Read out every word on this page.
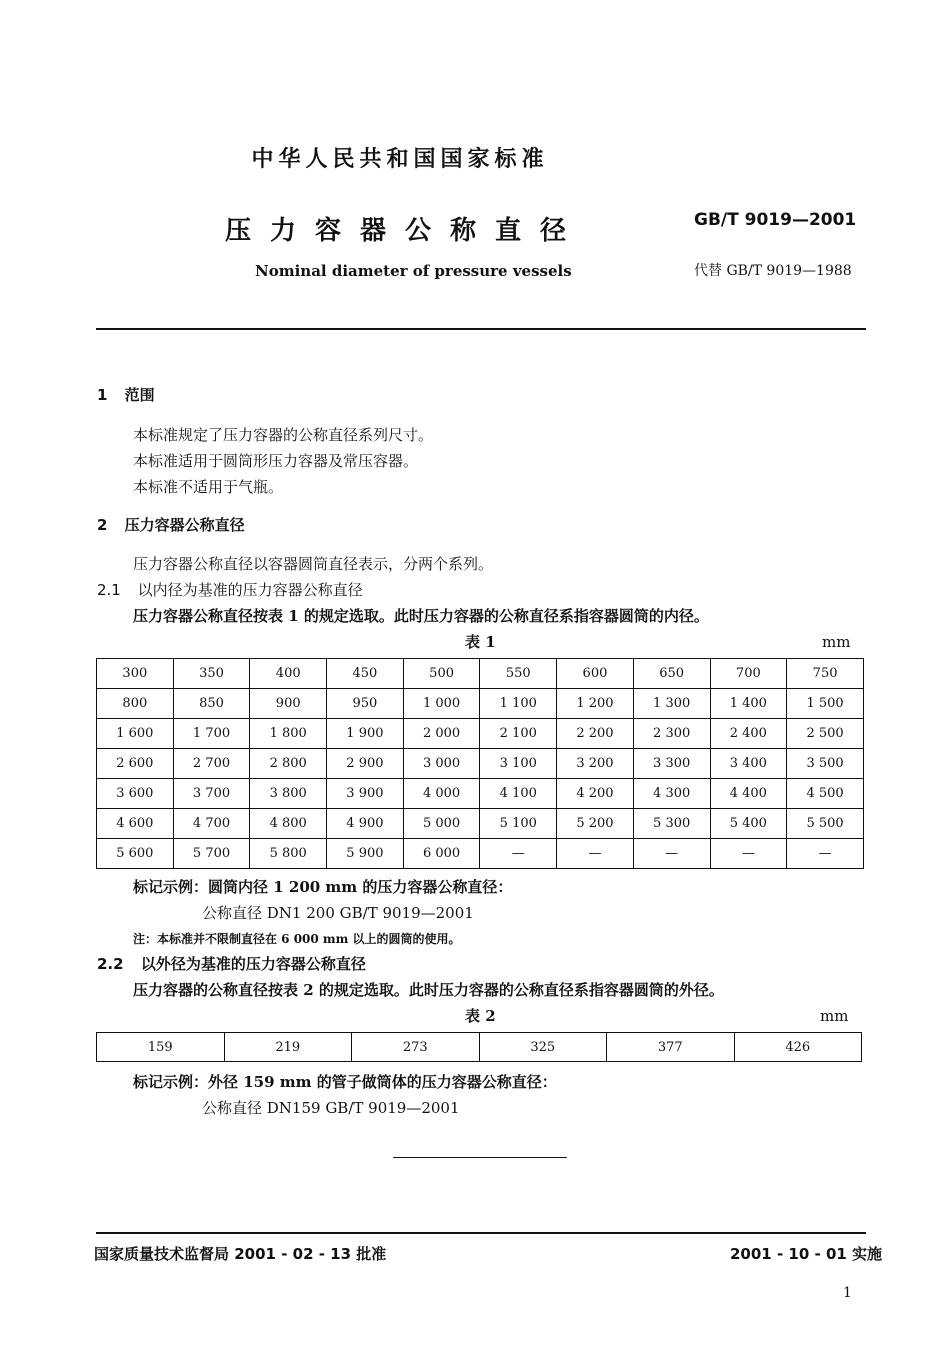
中华人民共和国国家标准
压力容器公称直径	GB/T 9019—2001
Nominal diameter of pressure vessels	代替 GB/T 9019—1988
1 范围
本标准规定了压力容器的公称直径系列尺寸。
本标准适用于圆筒形压力容器及常压容器。
本标准不适用于气瓶。
2 压力容器公称直径
压力容器公称直径以容器圆筒直径表示，分两个系列。
2.1 以内径为基准的压力容器公称直径
压力容器公称直径按表 1 的规定选取。此时压力容器的公称直径系指容器圆筒的内径。
表 1	mm
300	350	400	450	500	550	600	650	700	750
800	850	900	950	1 000	1 100	1 200	1 300	1 400	1 500
1 600	1 700	1 800	1 900	2 000	2 100	2 200	2 300	2 400	2 500
2 600	2 700	2 800	2 900	3 000	3 100	3 200	3 300	3 400	3 500
3 600	3 700	3 800	3 900	4 000	4 100	4 200	4 300	4 400	4 500
4 600	4 700	4 800	4 900	5 000	5 100	5 200	5 300	5 400	5 500
5 600	5 700	5 800	5 900	6 000	—	—	—	—	—
标记示例：圆筒内径 1 200 mm 的压力容器公称直径：
公称直径 DN1 200 GB/T 9019—2001
注：本标准并不限制直径在 6 000 mm 以上的圆筒的使用。
2.2 以外径为基准的压力容器公称直径
压力容器的公称直径按表 2 的规定选取。此时压力容器的公称直径系指容器圆筒的外径。
表 2	mm
159	219	273	325	377	426
标记示例：外径 159 mm 的管子做筒体的压力容器公称直径：
公称直径 DN159 GB/T 9019—2001
国家质量技术监督局 2001 - 02 - 13 批准	2001 - 10 - 01 实施
1
